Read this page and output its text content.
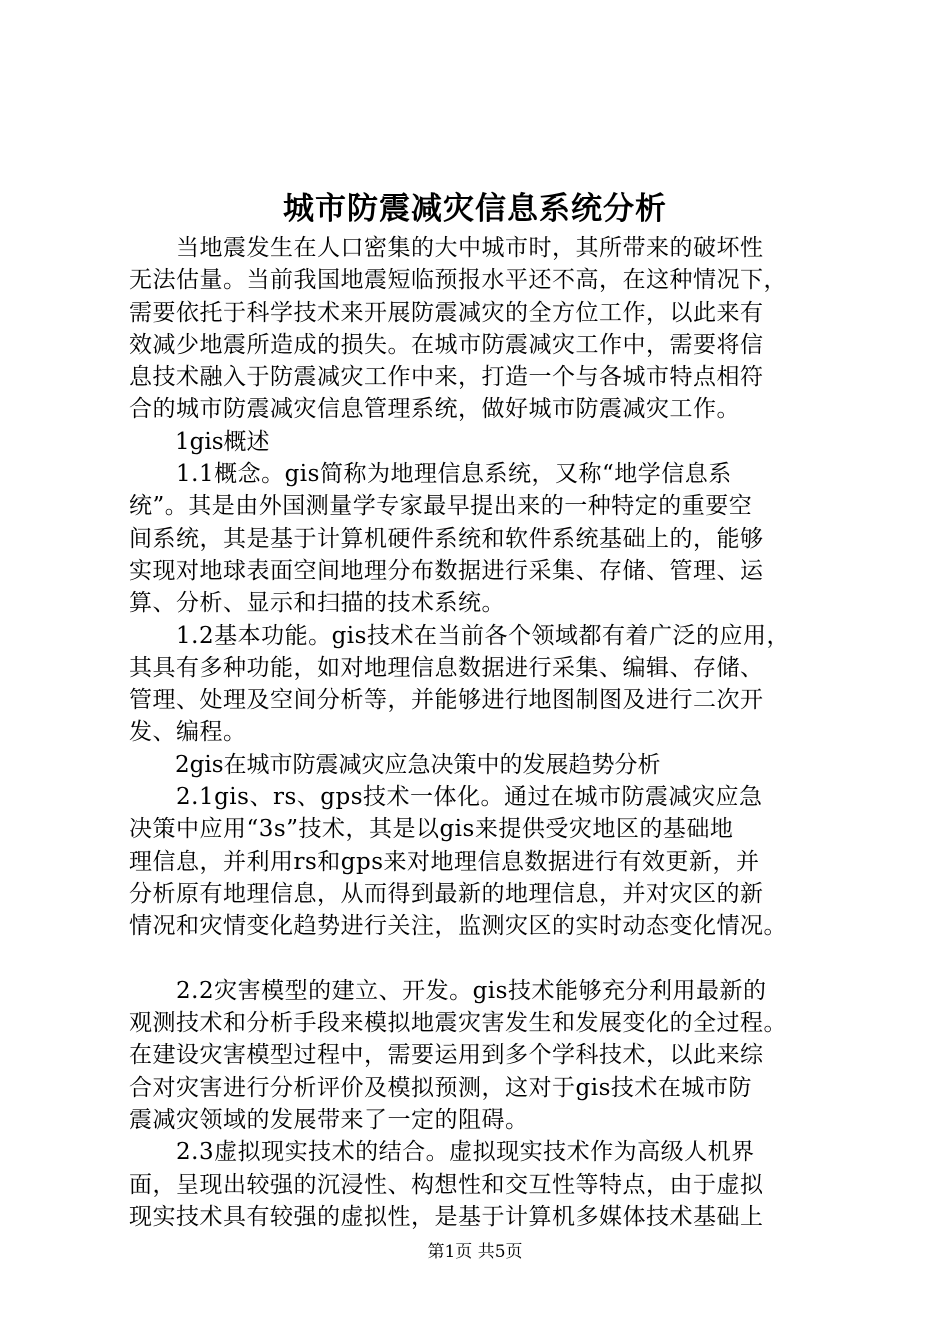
城市防震减灾信息系统分析
　　当地震发生在人口密集的大中城市时，其所带来的破坏性
无法估量。当前我国地震短临预报水平还不高，在这种情况下，
需要依托于科学技术来开展防震减灾的全方位工作，以此来有
效减少地震所造成的损失。在城市防震减灾工作中，需要将信
息技术融入于防震减灾工作中来，打造一个与各城市特点相符
合的城市防震减灾信息管理系统，做好城市防震减灾工作。
　　1gis概述
　　1.1概念。gis简称为地理信息系统，又称“地学信息系
统”。其是由外国测量学专家最早提出来的一种特定的重要空
间系统，其是基于计算机硬件系统和软件系统基础上的，能够
实现对地球表面空间地理分布数据进行采集、存储、管理、运
算、分析、显示和扫描的技术系统。
　　1.2基本功能。gis技术在当前各个领域都有着广泛的应用，
其具有多种功能，如对地理信息数据进行采集、编辑、存储、
管理、处理及空间分析等，并能够进行地图制图及进行二次开
发、编程。
　　2gis在城市防震减灾应急决策中的发展趋势分析
　　2.1gis、rs、gps技术一体化。通过在城市防震减灾应急
决策中应用“3s”技术，其是以gis来提供受灾地区的基础地
理信息，并利用rs和gps来对地理信息数据进行有效更新，并
分析原有地理信息，从而得到最新的地理信息，并对灾区的新
情况和灾情变化趋势进行关注，监测灾区的实时动态变化情况。
　　2.2灾害模型的建立、开发。gis技术能够充分利用最新的
观测技术和分析手段来模拟地震灾害发生和发展变化的全过程。
在建设灾害模型过程中，需要运用到多个学科技术，以此来综
合对灾害进行分析评价及模拟预测，这对于gis技术在城市防
震减灾领域的发展带来了一定的阻碍。
　　2.3虚拟现实技术的结合。虚拟现实技术作为高级人机界
面，呈现出较强的沉浸性、构想性和交互性等特点，由于虚拟
现实技术具有较强的虚拟性，是基于计算机多媒体技术基础上
第1页 共5页
